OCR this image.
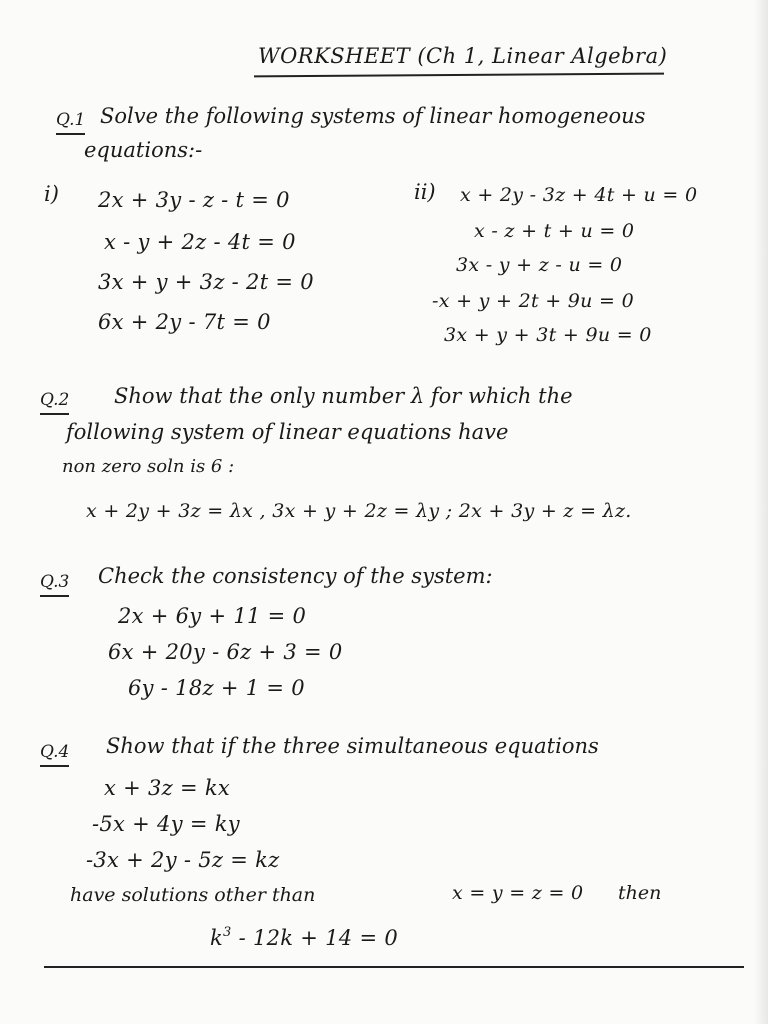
WORKSHEET (Ch 1, Linear Algebra)
Q.1 Solve the following systems of linear homogeneous
equations:-
i) 2x + 3y - z - t = 0
x - y + 2z - 4t = 0
3x + y + 3z - 2t = 0
6x + 2y - 7t = 0
ii) x + 2y - 3z + 4t + u = 0
x - z + t + u = 0
3x - y + z - u = 0
-x + y + 2t + 9u = 0
3x + y + 3t + 9u = 0
Q.2 Show that the only number λ for which the
following system of linear equations have
non zero soln is 6 :
x + 2y + 3z = λx , 3x + y + 2z = λy ; 2x + 3y + z = λz.
Q.3 Check the consistency of the system:
2x + 6y + 11 = 0
6x + 20y - 6z + 3 = 0
6y - 18z + 1 = 0
Q.4 Show that if the three simultaneous equations
x + 3z = kx
-5x + 4y = ky
-3x + 2y - 5z = kz
have solutions other than	x = y = z = 0 then
$k^3 - 12k + 14 = 0$
